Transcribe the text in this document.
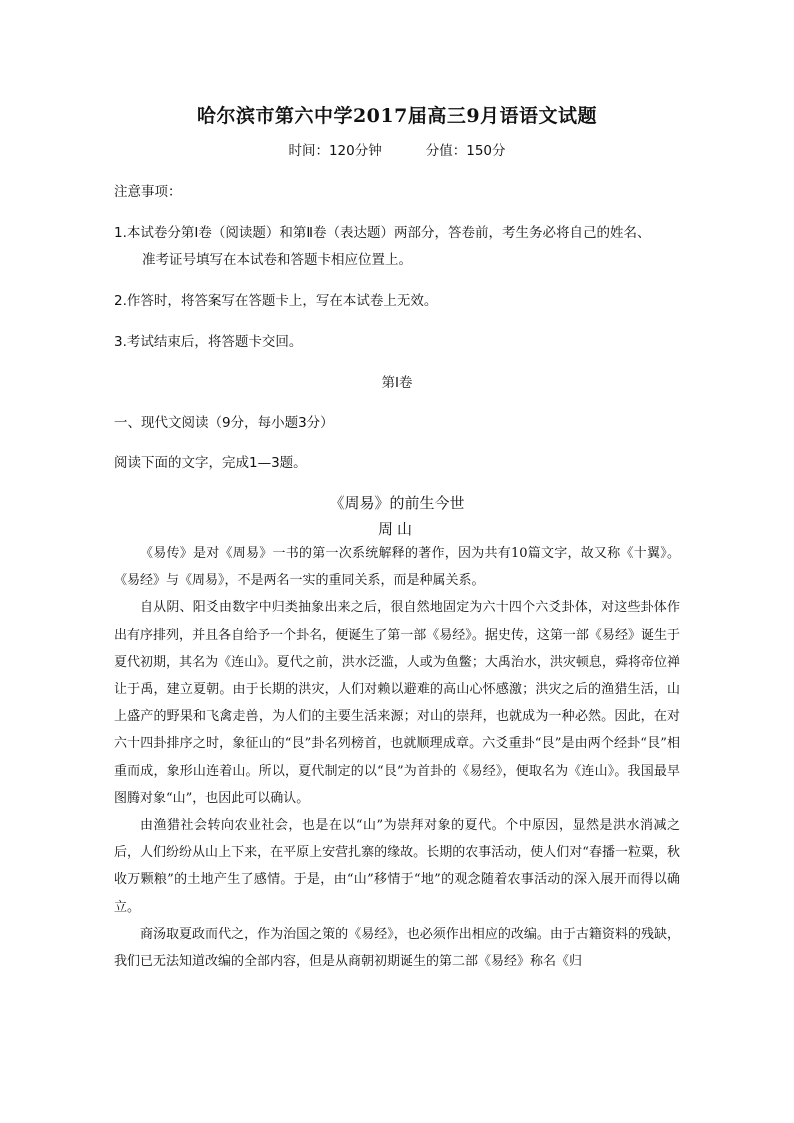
哈尔滨市第六中学2017届高三9月语语文试题
时间：120分钟	分值：150分
注意事项：
1.本试卷分第Ⅰ卷（阅读题）和第Ⅱ卷（表达题）两部分，答卷前，考生务必将自己的姓名、
准考证号填写在本试卷和答题卡相应位置上。
2.作答时，将答案写在答题卡上，写在本试卷上无效。
3.考试结束后，将答题卡交回。
第Ⅰ卷
一、现代文阅读（9分，每小题3分）
阅读下面的文字，完成1—3题。
《周易》的前生今世
周山

《易传》是对《周易》一书的第一次系统解释的著作，因为共有10篇文字，故又称《十翼》。《易经》与《周易》，不是两名一实的重同关系，而是种属关系。

自从阴、阳爻由数字中归类抽象出来之后，很自然地固定为六十四个六爻卦体，对这些卦体作出有序排列，并且各自给予一个卦名，便诞生了第一部《易经》。据史传，这第一部《易经》诞生于夏代初期，其名为《连山》。夏代之前，洪水泛滥，人或为鱼鳖；大禹治水，洪灾顿息，舜将帝位禅让于禹，建立夏朝。由于长期的洪灾，人们对赖以避难的高山心怀感激；洪灾之后的渔猎生活，山上盛产的野果和飞禽走兽，为人们的主要生活来源；对山的崇拜，也就成为一种必然。因此，在对六十四卦排序之时，象征山的“艮”卦名列榜首，也就顺理成章。六爻重卦“艮”是由两个经卦“艮”相重而成，象形山连着山。所以，夏代制定的以“艮”为首卦的《易经》，便取名为《连山》。我国最早图腾对象“山”，也因此可以确认。

由渔猎社会转向农业社会，也是在以“山”为崇拜对象的夏代。个中原因，显然是洪水消减之后，人们纷纷从山上下来，在平原上安营扎寨的缘故。长期的农事活动，使人们对“春播一粒粟，秋收万颗粮”的土地产生了感情。于是，由“山”移情于“地”的观念随着农事活动的深入展开而得以确立。

商汤取夏政而代之，作为治国之策的《易经》，也必须作出相应的改编。由于古籍资料的残缺，我们已无法知道改编的全部内容，但是从商朝初期诞生的第二部《易经》称名《归
